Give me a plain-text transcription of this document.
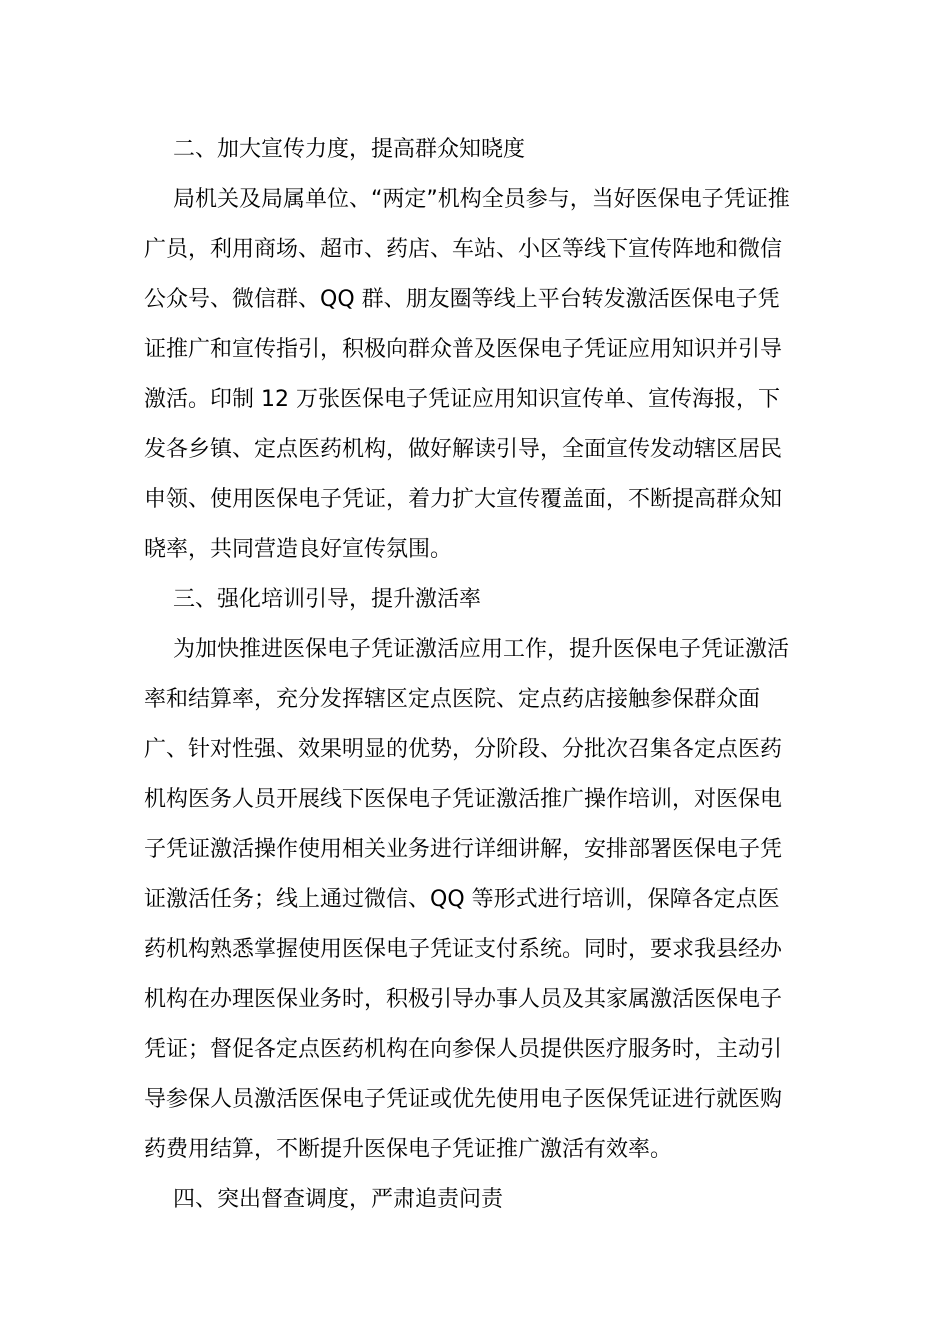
二、加大宣传力度，提高群众知晓度
局机关及局属单位、“两定”机构全员参与，当好医保电子凭证推
广员，利用商场、超市、药店、车站、小区等线下宣传阵地和微信
公众号、微信群、QQ 群、朋友圈等线上平台转发激活医保电子凭
证推广和宣传指引，积极向群众普及医保电子凭证应用知识并引导
激活。印制 12 万张医保电子凭证应用知识宣传单、宣传海报，下
发各乡镇、定点医药机构，做好解读引导，全面宣传发动辖区居民
申领、使用医保电子凭证，着力扩大宣传覆盖面，不断提高群众知
晓率，共同营造良好宣传氛围。
三、强化培训引导，提升激活率
为加快推进医保电子凭证激活应用工作，提升医保电子凭证激活
率和结算率，充分发挥辖区定点医院、定点药店接触参保群众面
广、针对性强、效果明显的优势，分阶段、分批次召集各定点医药
机构医务人员开展线下医保电子凭证激活推广操作培训，对医保电
子凭证激活操作使用相关业务进行详细讲解，安排部署医保电子凭
证激活任务；线上通过微信、QQ 等形式进行培训，保障各定点医
药机构熟悉掌握使用医保电子凭证支付系统。同时，要求我县经办
机构在办理医保业务时，积极引导办事人员及其家属激活医保电子
凭证；督促各定点医药机构在向参保人员提供医疗服务时，主动引
导参保人员激活医保电子凭证或优先使用电子医保凭证进行就医购
药费用结算，不断提升医保电子凭证推广激活有效率。
四、突出督查调度，严肃追责问责
